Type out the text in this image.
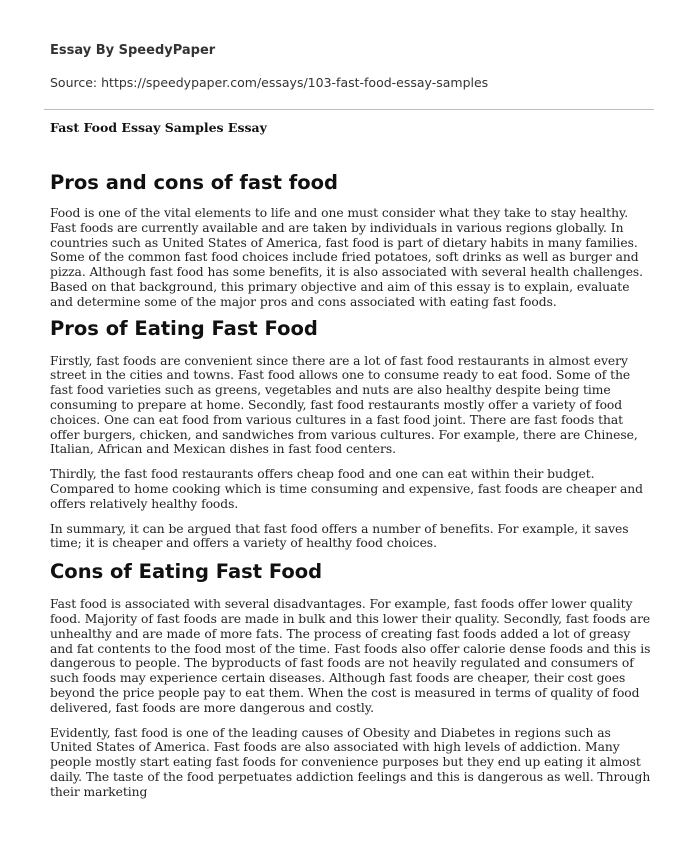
Essay By SpeedyPaper
Source: https://speedypaper.com/essays/103-fast-food-essay-samples
Fast Food Essay Samples Essay
Pros and cons of fast food

Food is one of the vital elements to life and one must consider what they take to stay healthy. Fast foods are currently available and are taken by individuals in various regions globally. In countries such as United States of America, fast food is part of dietary habits in many families. Some of the common fast food choices include fried potatoes, soft drinks as well as burger and pizza. Although fast food has some benefits, it is also associated with several health challenges. Based on that background, this primary objective and aim of this essay is to explain, evaluate and determine some of the major pros and cons associated with eating fast foods.

Pros of Eating Fast Food

Firstly, fast foods are convenient since there are a lot of fast food restaurants in almost every street in the cities and towns. Fast food allows one to consume ready to eat food. Some of the fast food varieties such as greens, vegetables and nuts are also healthy despite being time consuming to prepare at home. Secondly, fast food restaurants mostly offer a variety of food choices. One can eat food from various cultures in a fast food joint. There are fast foods that offer burgers, chicken, and sandwiches from various cultures. For example, there are Chinese, Italian, African and Mexican dishes in fast food centers.

Thirdly, the fast food restaurants offers cheap food and one can eat within their budget. Compared to home cooking which is time consuming and expensive, fast foods are cheaper and offers relatively healthy foods.

In summary, it can be argued that fast food offers a number of benefits. For example, it saves time; it is cheaper and offers a variety of healthy food choices.

Cons of Eating Fast Food

Fast food is associated with several disadvantages. For example, fast foods offer lower quality food. Majority of fast foods are made in bulk and this lower their quality. Secondly, fast foods are unhealthy and are made of more fats. The process of creating fast foods added a lot of greasy and fat contents to the food most of the time. Fast foods also offer calorie dense foods and this is dangerous to people. The byproducts of fast foods are not heavily regulated and consumers of such foods may experience certain diseases. Although fast foods are cheaper, their cost goes beyond the price people pay to eat them. When the cost is measured in terms of quality of food delivered, fast foods are more dangerous and costly.

Evidently, fast food is one of the leading causes of Obesity and Diabetes in regions such as United States of America. Fast foods are also associated with high levels of addiction. Many people mostly start eating fast foods for convenience purposes but they end up eating it almost daily. The taste of the food perpetuates addiction feelings and this is dangerous as well. Through their marketing
